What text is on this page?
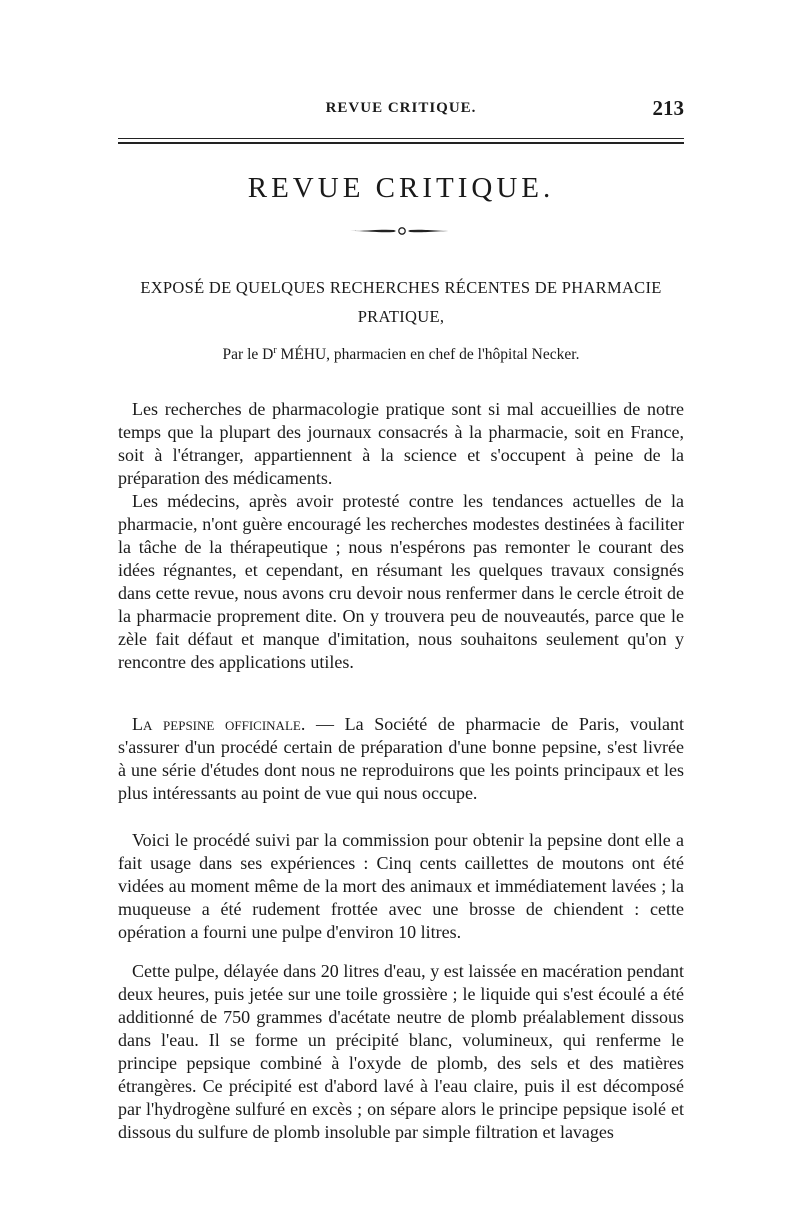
REVUE CRITIQUE.	213
REVUE CRITIQUE.
EXPOSÉ DE QUELQUES RECHERCHES RÉCENTES DE PHARMACIE
PRATIQUE,
Par le $D^r$ MÉHU, pharmacien en chef de l'hôpital Necker.

Les recherches de pharmacologie pratique sont si mal accueillies de notre temps que la plupart des journaux consacrés à la pharmacie, soit en France, soit à l'étranger, appartiennent à la science et s'occupent à peine de la préparation des médicaments.

Les médecins, après avoir protesté contre les tendances actuelles de la pharmacie, n'ont guère encouragé les recherches modestes destinées à faciliter la tâche de la thérapeutique ; nous n'espérons pas remonter le courant des idées régnantes, et cependant, en résumant les quelques travaux consignés dans cette revue, nous avons cru devoir nous renfermer dans le cercle étroit de la pharmacie proprement dite. On y trouvera peu de nouveautés, parce que le zèle fait défaut et manque d'imitation, nous souhaitons seulement qu'on y rencontre des applications utiles.

La pepsine officinale. — La Société de pharmacie de Paris, voulant s'assurer d'un procédé certain de préparation d'une bonne pepsine, s'est livrée à une série d'études dont nous ne reproduirons que les points principaux et les plus intéressants au point de vue qui nous occupe.

Voici le procédé suivi par la commission pour obtenir la pepsine dont elle a fait usage dans ses expériences : Cinq cents caillettes de moutons ont été vidées au moment même de la mort des animaux et immédiatement lavées ; la muqueuse a été rudement frottée avec une brosse de chiendent : cette opération a fourni une pulpe d'environ 10 litres.

Cette pulpe, délayée dans 20 litres d'eau, y est laissée en macération pendant deux heures, puis jetée sur une toile grossière ; le liquide qui s'est écoulé a été additionné de 750 grammes d'acétate neutre de plomb préalablement dissous dans l'eau. Il se forme un précipité blanc, volumineux, qui renferme le principe pepsique combiné à l'oxyde de plomb, des sels et des matières étrangères. Ce précipité est d'abord lavé à l'eau claire, puis il est décomposé par l'hydrogène sulfuré en excès ; on sépare alors le principe pepsique isolé et dissous du sulfure de plomb insoluble par simple filtration et lavages
